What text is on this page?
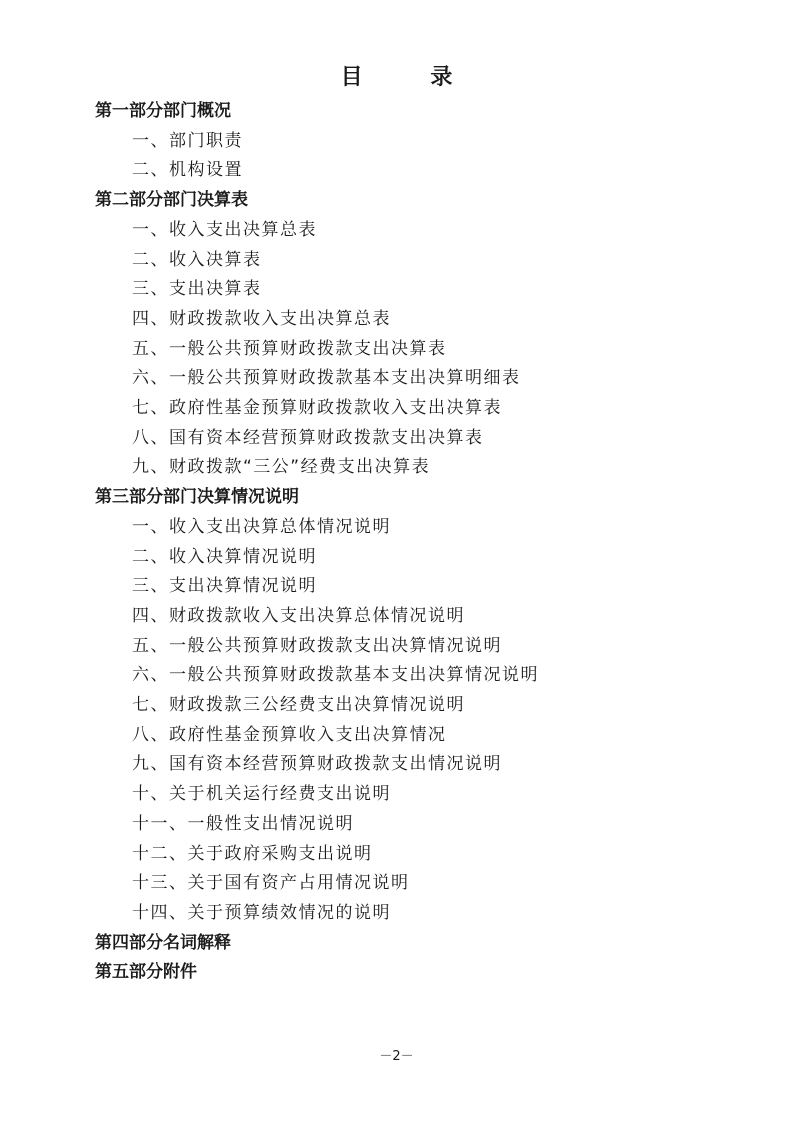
目 录
第一部分部门概况
一、部门职责
二、机构设置
第二部分部门决算表
一、收入支出决算总表
二、收入决算表
三、支出决算表
四、财政拨款收入支出决算总表
五、一般公共预算财政拨款支出决算表
六、一般公共预算财政拨款基本支出决算明细表
七、政府性基金预算财政拨款收入支出决算表
八、国有资本经营预算财政拨款支出决算表
九、财政拨款“三公”经费支出决算表
第三部分部门决算情况说明
一、收入支出决算总体情况说明
二、收入决算情况说明
三、支出决算情况说明
四、财政拨款收入支出决算总体情况说明
五、一般公共预算财政拨款支出决算情况说明
六、一般公共预算财政拨款基本支出决算情况说明
七、财政拨款三公经费支出决算情况说明
八、政府性基金预算收入支出决算情况
九、国有资本经营预算财政拨款支出情况说明
十、关于机关运行经费支出说明
十一、一般性支出情况说明
十二、关于政府采购支出说明
十三、关于国有资产占用情况说明
十四、关于预算绩效情况的说明
第四部分名词解释
第五部分附件
－2－
